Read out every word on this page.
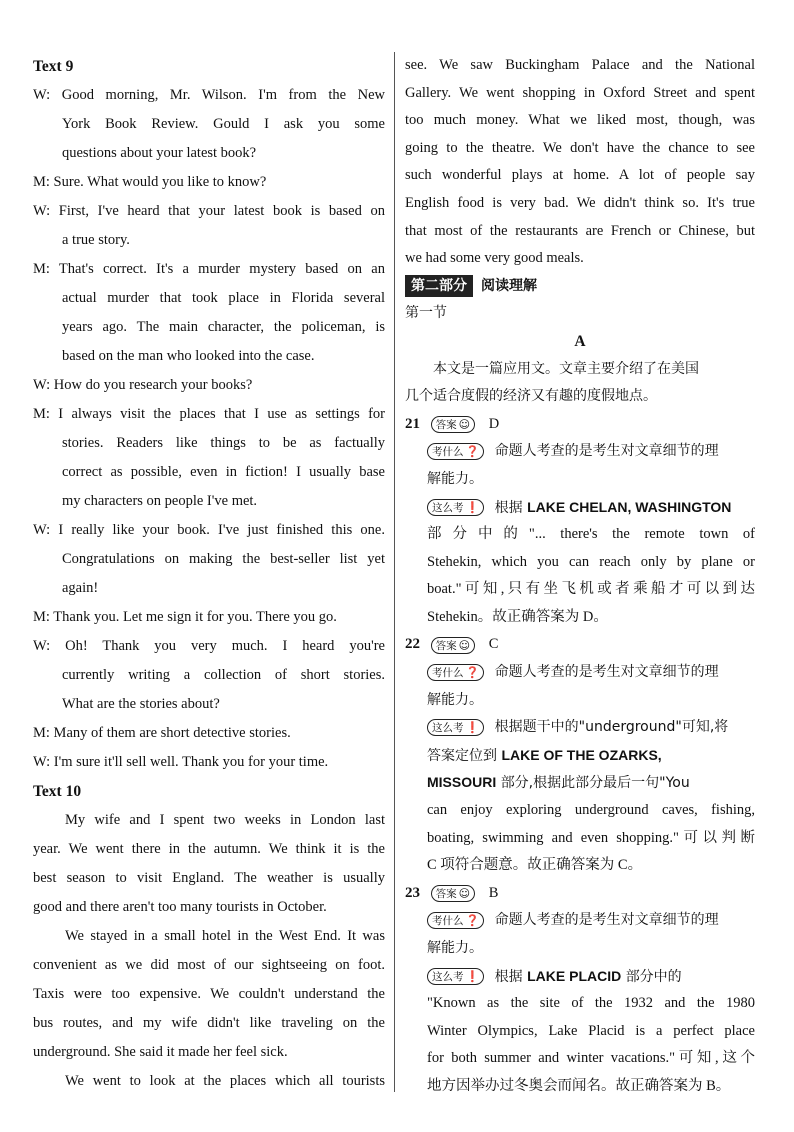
Text 9
W: Good morning, Mr. Wilson. I'm from the New
York Book Review. Gould I ask you some
questions about your latest book?
M: Sure. What would you like to know?
W: First, I've heard that your latest book is based on
a true story.
M: That's correct. It's a murder mystery based on an
actual murder that took place in Florida several
years ago. The main character, the policeman, is
based on the man who looked into the case.
W: How do you research your books?
M: I always visit the places that I use as settings for
stories. Readers like things to be as factually
correct as possible, even in fiction! I usually base
my characters on people I've met.
W: I really like your book. I've just finished this one.
Congratulations on making the best-seller list yet
again!
M: Thank you. Let me sign it for you. There you go.
W: Oh! Thank you very much. I heard you're
currently writing a collection of short stories.
What are the stories about?
M: Many of them are short detective stories.
W: I'm sure it'll sell well. Thank you for your time.
Text 10
My wife and I spent two weeks in London last
year. We went there in the autumn. We think it is the
best season to visit England. The weather is usually
good and there aren't too many tourists in October.
We stayed in a small hotel in the West End. It was
convenient as we did most of our sightseeing on foot.
Taxis were too expensive. We couldn't understand the
bus routes, and my wife didn't like traveling on the
underground. She said it made her feel sick.
We went to look at the places which all tourists
see. We saw Buckingham Palace and the National
Gallery. We went shopping in Oxford Street and spent
too much money. What we liked most, though, was
going to the theatre. We don't have the chance to see
such wonderful plays at home. A lot of people say
English food is very bad. We didn't think so. It's true
that most of the restaurants are French or Chinese, but
we had some very good meals.
第二部分 阅读理解
第一节
A
本文是一篇应用文。文章主要介绍了在美国
几个适合度假的经济又有趣的度假地点。
21 答案 ☺ D
考什么 ❓ 命题人考查的是考生对文章细节的理
解能力。
这么考 ❗ 根据 LAKE CHELAN, WASHINGTON
部分中的"... there's the remote town of
Stehekin, which you can reach only by plane or
boat."可知,只有坐飞机或者乘船才可以到达
Stehekin。故正确答案为 D。
22 答案 ☺ C
考什么 ❓ 命题人考查的是考生对文章细节的理
解能力。
这么考 ❗ 根据题干中的"underground"可知,将
答案定位到 LAKE OF THE OZARKS,
MISSOURI 部分,根据此部分最后一句"You
can enjoy exploring underground caves, fishing,
boating, swimming and even shopping."可以判断
C 项符合题意。故正确答案为 C。
23 答案 ☺ B
考什么 ❓ 命题人考查的是考生对文章细节的理
解能力。
这么考 ❗ 根据 LAKE PLACID 部分中的
"Known as the site of the 1932 and the 1980
Winter Olympics, Lake Placid is a perfect place
for both summer and winter vacations."可知,这个
地方因举办过冬奥会而闻名。故正确答案为 B。
